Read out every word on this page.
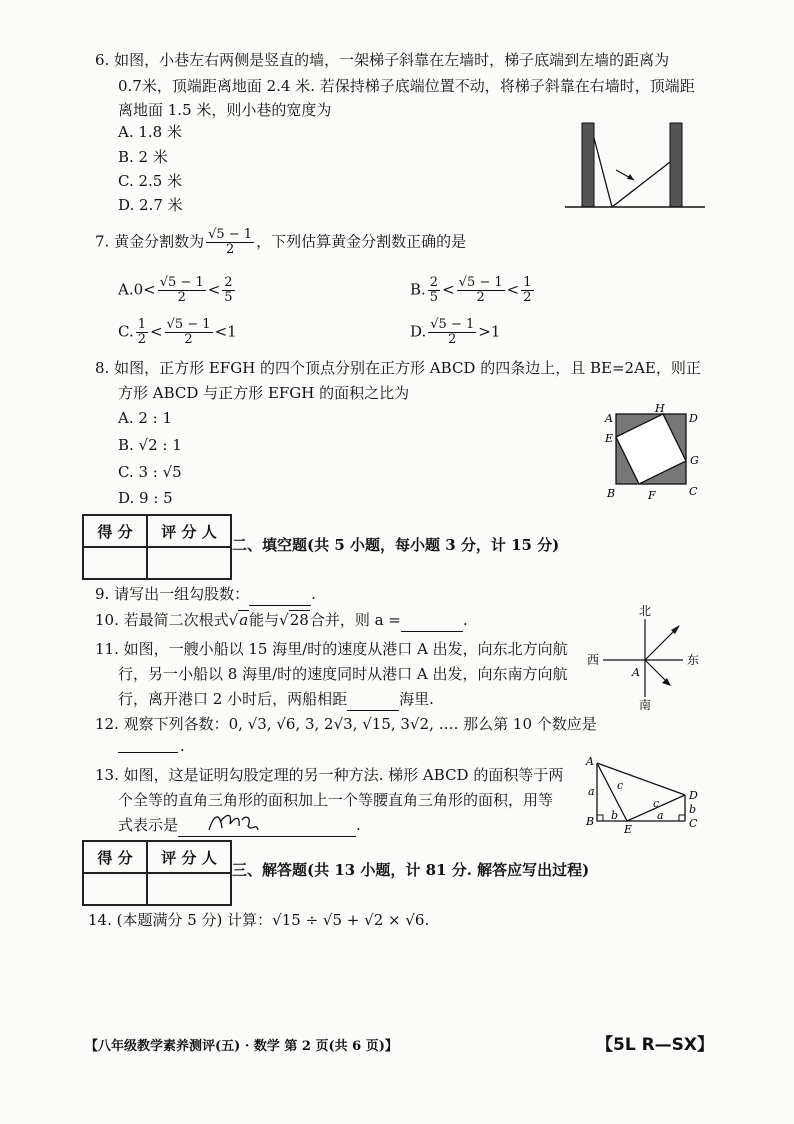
6. 如图，小巷左右两侧是竖直的墙，一架梯子斜靠在左墙时，梯子底端到左墙的距离为
0.7米，顶端距离地面 2.4 米. 若保持梯子底端位置不动，将梯子斜靠在右墙时，顶端距
离地面 1.5 米，则小巷的宽度为
A. 1.8 米
B. 2 米
C. 2.5 米
D. 2.7 米
7. 黄金分割数为 $\frac{√5 - 1}{2}$ ，下列估算黄金分割数正确的是
$A.0< \frac{√5 - 1}{2} < \frac{2}{5}$	B. $\frac{2}{5} < \frac{√5 - 1}{2} < \frac{1}{2}$
C. $\frac{1}{2} < \frac{√5 - 1}{2} <1$	D. $\frac{√5 - 1}{2} >1$
8. 如图，正方形 EFGH 的四个顶点分别在正方形 ABCD 的四条边上，且 BE=2AE，则正
方形 ABCD 与正方形 EFGH 的面积之比为
A. 2 : 1
B. √2 : 1
C. 3 : √5
D. 9 : 5
A
H
D
E
G
B	F	C
得 分	评 分 人

二、填空题(共 5 小题，每小题 3 分，计 15 分)
9. 请写出一组勾股数：	.
10. 若最简二次根式√a能与√28合并，则 a =	.
11. 如图，一艘小船以 15 海里/时的速度从港口 A 出发，向东北方向航
行，另一小船以 8 海里/时的速度同时从港口 A 出发，向东南方向航
行，离开港口 2 小时后，两船相距	海里.
北
西	东
南
A
12. 观察下列各数：0, √3, √6, 3, 2√3, √15, 3√2, …. 那么第 10 个数应是
.
13. 如图，这是证明勾股定理的另一种方法. 梯形 ABCD 的面积等于两
个全等的直角三角形的面积加上一个等腰直角三角形的面积，用等
式表示是	.
A
B	C
D
E
a
b
c
c	b
a
得 分	评 分 人

三、解答题(共 13 小题，计 81 分. 解答应写出过程)
14. (本题满分 5 分) 计算：√15 ÷ √5 + √2 × √6.
【八年级教学素养测评(五) · 数学 第 2 页(共 6 页)】	【5L R—SX】
